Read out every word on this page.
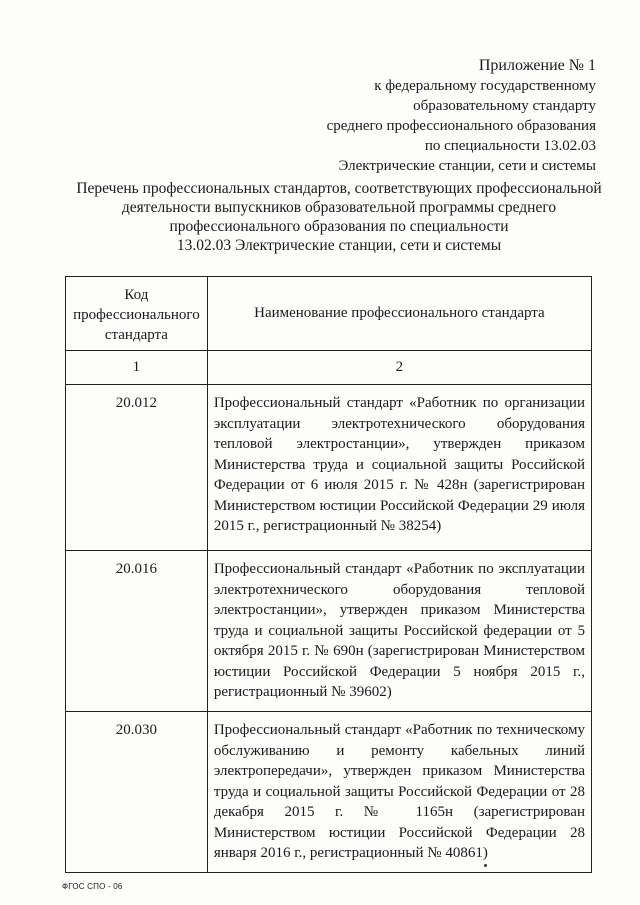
Приложение № 1
к федеральному государственному
образовательному стандарту
среднего профессионального образования
по специальности 13.02.03
Электрические станции, сети и системы
Перечень профессиональных стандартов, соответствующих профессиональной
деятельности выпускников образовательной программы среднего
профессионального образования по специальности
13.02.03 Электрические станции, сети и системы
Код профессионального стандарта	Наименование профессионального стандарта
1	2
20.012	Профессиональный стандарт «Работник по организации эксплуатации электротехнического оборудования тепловой электростанции», утвержден приказом Министерства труда и социальной защиты Российской Федерации от 6 июля 2015 г. № 428н (зарегистрирован Министерством юстиции Российской Федерации 29 июля 2015 г., регистрационный № 38254)
20.016	Профессиональный стандарт «Работник по эксплуатации электротехнического оборудования тепловой электростанции», утвержден приказом Министерства труда и социальной защиты Российской федерации от 5 октября 2015 г. № 690н (зарегистрирован Министерством юстиции Российской Федерации 5 ноября 2015 г., регистрационный № 39602)
20.030	Профессиональный стандарт «Работник по техническому обслуживанию и ремонту кабельных линий электропередачи», утвержден приказом Министерства труда и социальной защиты Российской Федерации от 28 декабря 2015 г. № 1165н (зарегистрирован Министерством юстиции Российской Федерации 28 января 2016 г., регистрационный № 40861)
ФГОС СПО - 06
